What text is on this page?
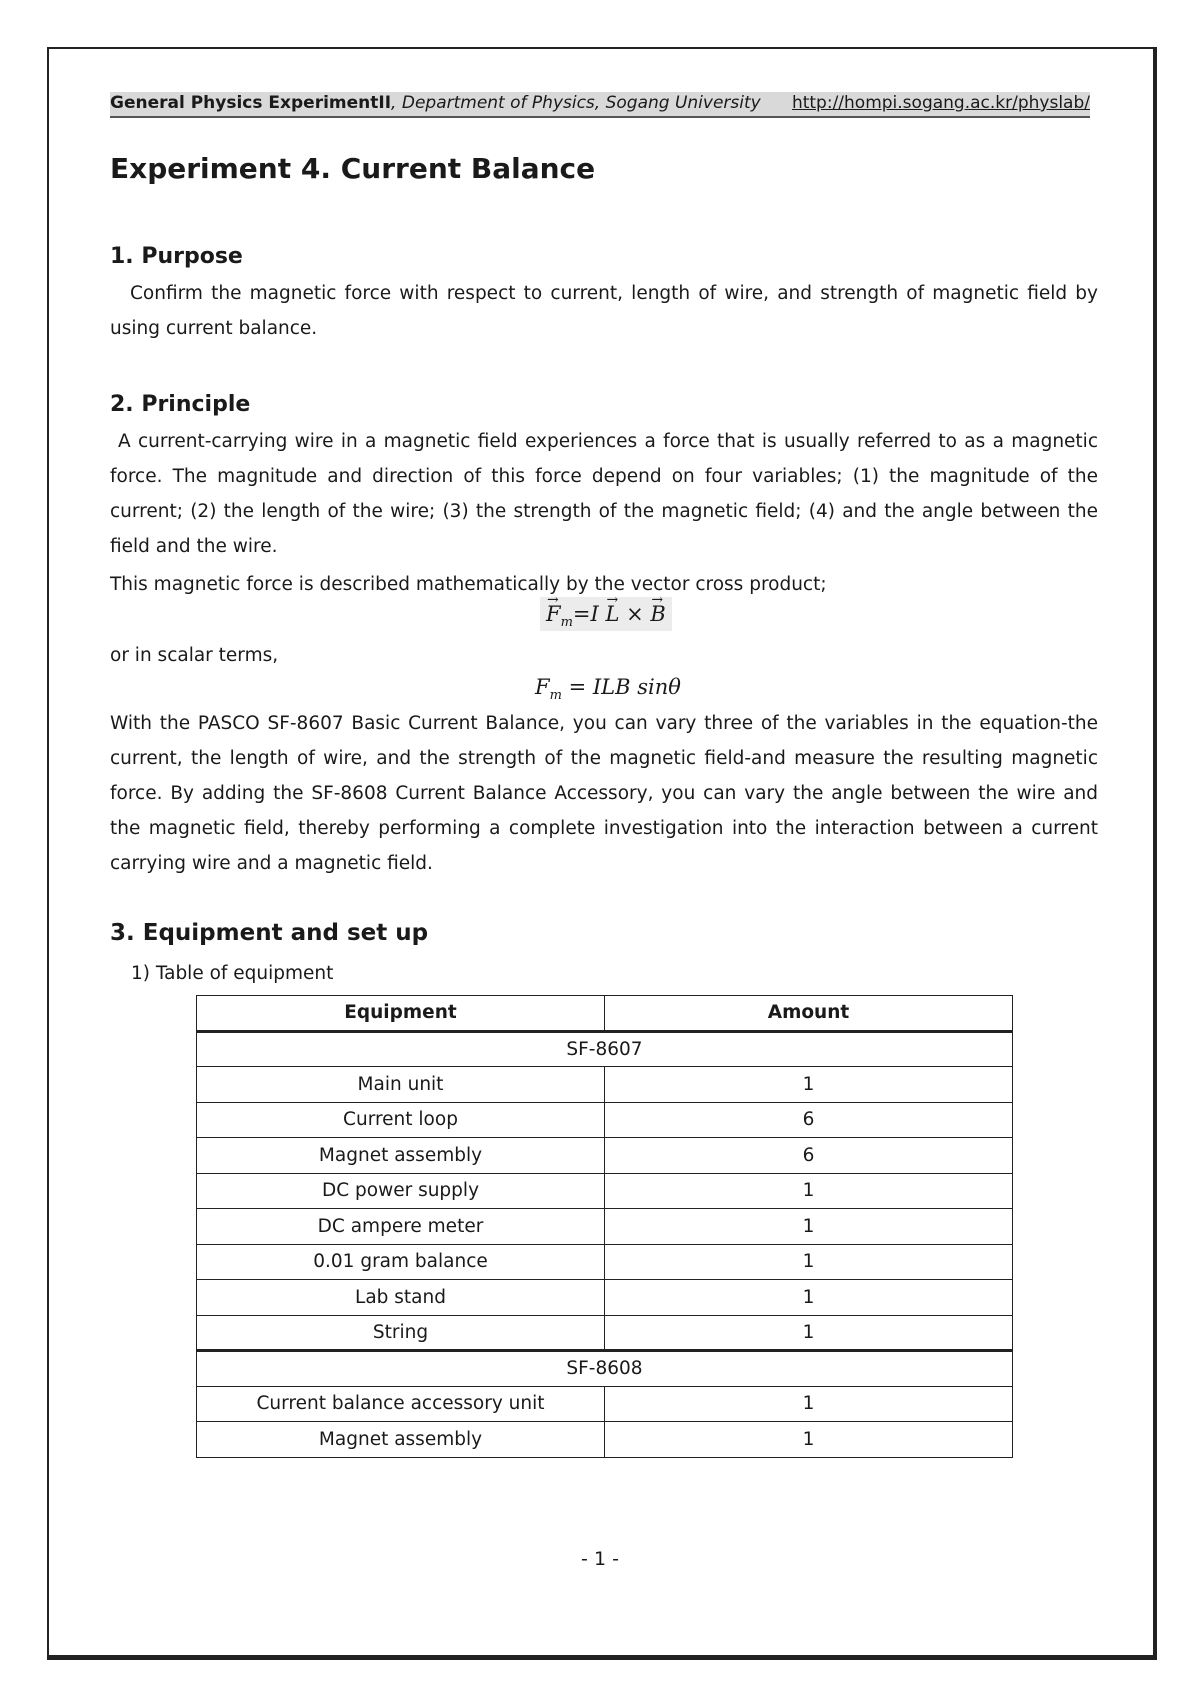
General Physics ExperimentII, Department of Physics, Sogang University http://hompi.sogang.ac.kr/physlab/
Experiment 4. Current Balance
1. Purpose
Confirm the magnetic force with respect to current, length of wire, and strength of magnetic field by using current balance.
2. Principle
A current-carrying wire in a magnetic field experiences a force that is usually referred to as a magnetic force. The magnitude and direction of this force depend on four variables; (1) the magnitude of the current; (2) the length of the wire; (3) the strength of the magnetic field; (4) and the angle between the field and the wire.
This magnetic force is described mathematically by the vector cross product;
→ $F_m=I \to L$ × → B
or in scalar terms,
$F_m$ = ILB sinθ
With the PASCO SF-8607 Basic Current Balance, you can vary three of the variables in the equation-the current, the length of wire, and the strength of the magnetic field-and measure the resulting magnetic force. By adding the SF-8608 Current Balance Accessory, you can vary the angle between the wire and the magnetic field, thereby performing a complete investigation into the interaction between a current carrying wire and a magnetic field.
3. Equipment and set up
1) Table of equipment
Equipment	Amount
SF-8607	
Main unit	1
Current loop	6
Magnet assembly	6
DC power supply	1
DC ampere meter	1
0.01 gram balance	1
Lab stand	1
String	1
SF-8608	
Current balance accessory unit	1
Magnet assembly	1
- 1 -
